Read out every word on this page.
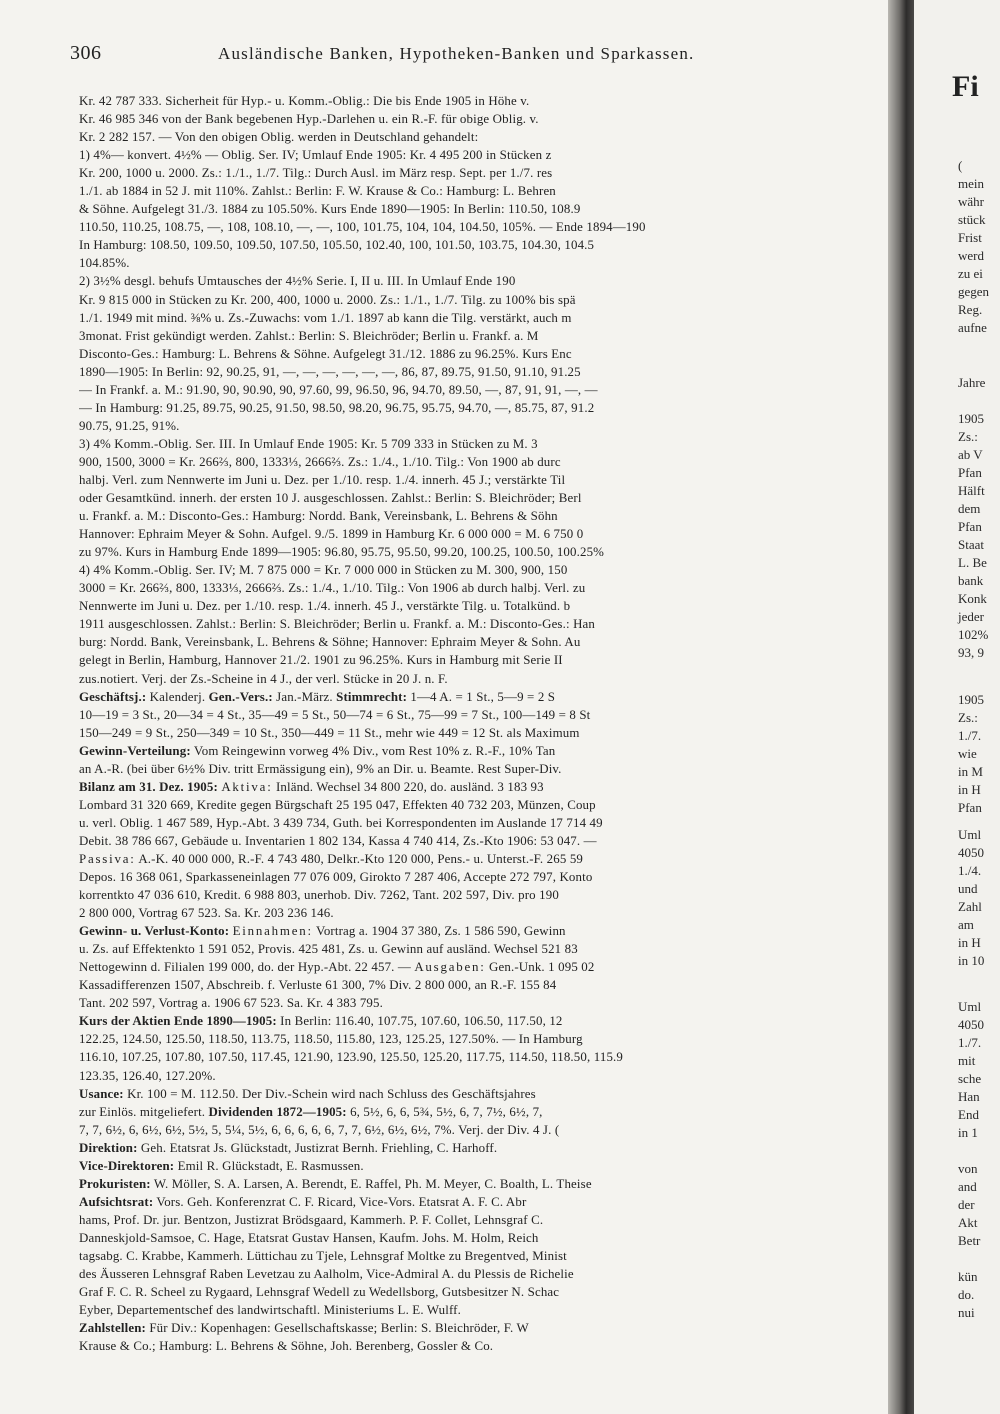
306	Ausländische Banken, Hypotheken-Banken und Sparkassen.
Kr. 42 787 333. Sicherheit für Hyp.- u. Komm.-Oblig.: Die bis Ende 1905 in Höhe v.
Kr. 46 985 346 von der Bank begebenen Hyp.-Darlehen u. ein R.-F. für obige Oblig. v.
Kr. 2 282 157. — Von den obigen Oblig. werden in Deutschland gehandelt:
1) 4%— konvert. 4½% — Oblig. Ser. IV; Umlauf Ende 1905: Kr. 4 495 200 in Stücken z
Kr. 200, 1000 u. 2000. Zs.: 1./1., 1./7. Tilg.: Durch Ausl. im März resp. Sept. per 1./7. res
1./1. ab 1884 in 52 J. mit 110%. Zahlst.: Berlin: F. W. Krause & Co.: Hamburg: L. Behren
& Söhne. Aufgelegt 31./3. 1884 zu 105.50%. Kurs Ende 1890—1905: In Berlin: 110.50, 108.9
110.50, 110.25, 108.75, —, 108, 108.10, —, —, 100, 101.75, 104, 104, 104.50, 105%. — Ende 1894—190
In Hamburg: 108.50, 109.50, 109.50, 107.50, 105.50, 102.40, 100, 101.50, 103.75, 104.30, 104.5
104.85%.
2) 3½% desgl. behufs Umtausches der 4½% Serie. I, II u. III. In Umlauf Ende 190
Kr. 9 815 000 in Stücken zu Kr. 200, 400, 1000 u. 2000. Zs.: 1./1., 1./7. Tilg. zu 100% bis spä
1./1. 1949 mit mind. ⅜% u. Zs.-Zuwachs: vom 1./1. 1897 ab kann die Tilg. verstärkt, auch m
3monat. Frist gekündigt werden. Zahlst.: Berlin: S. Bleichröder; Berlin u. Frankf. a. M
Disconto-Ges.: Hamburg: L. Behrens & Söhne. Aufgelegt 31./12. 1886 zu 96.25%. Kurs Enc
1890—1905: In Berlin: 92, 90.25, 91, —, —, —, —, —, —, 86, 87, 89.75, 91.50, 91.10, 91.25
— In Frankf. a. M.: 91.90, 90, 90.90, 90, 97.60, 99, 96.50, 96, 94.70, 89.50, —, 87, 91, 91, —, —
— In Hamburg: 91.25, 89.75, 90.25, 91.50, 98.50, 98.20, 96.75, 95.75, 94.70, —, 85.75, 87, 91.2
90.75, 91.25, 91%.
3) 4% Komm.-Oblig. Ser. III. In Umlauf Ende 1905: Kr. 5 709 333 in Stücken zu M. 3
900, 1500, 3000 = Kr. 266⅔, 800, 1333⅓, 2666⅔. Zs.: 1./4., 1./10. Tilg.: Von 1900 ab durc
halbj. Verl. zum Nennwerte im Juni u. Dez. per 1./10. resp. 1./4. innerh. 45 J.; verstärkte Til
oder Gesamtkünd. innerh. der ersten 10 J. ausgeschlossen. Zahlst.: Berlin: S. Bleichröder; Berl
u. Frankf. a. M.: Disconto-Ges.: Hamburg: Nordd. Bank, Vereinsbank, L. Behrens & Söhn
Hannover: Ephraim Meyer & Sohn. Aufgel. 9./5. 1899 in Hamburg Kr. 6 000 000 = M. 6 750 0
zu 97%. Kurs in Hamburg Ende 1899—1905: 96.80, 95.75, 95.50, 99.20, 100.25, 100.50, 100.25%
4) 4% Komm.-Oblig. Ser. IV; M. 7 875 000 = Kr. 7 000 000 in Stücken zu M. 300, 900, 150
3000 = Kr. 266⅔, 800, 1333⅓, 2666⅔. Zs.: 1./4., 1./10. Tilg.: Von 1906 ab durch halbj. Verl. zu
Nennwerte im Juni u. Dez. per 1./10. resp. 1./4. innerh. 45 J., verstärkte Tilg. u. Totalkünd. b
1911 ausgeschlossen. Zahlst.: Berlin: S. Bleichröder; Berlin u. Frankf. a. M.: Disconto-Ges.: Han
burg: Nordd. Bank, Vereinsbank, L. Behrens & Söhne; Hannover: Ephraim Meyer & Sohn. Au
gelegt in Berlin, Hamburg, Hannover 21./2. 1901 zu 96.25%. Kurs in Hamburg mit Serie II
zus.notiert. Verj. der Zs.-Scheine in 4 J., der verl. Stücke in 20 J. n. F.
Geschäftsj.: Kalenderj. Gen.-Vers.: Jan.-März. Stimmrecht: 1—4 A. = 1 St., 5—9 = 2 S
10—19 = 3 St., 20—34 = 4 St., 35—49 = 5 St., 50—74 = 6 St., 75—99 = 7 St., 100—149 = 8 St
150—249 = 9 St., 250—349 = 10 St., 350—449 = 11 St., mehr wie 449 = 12 St. als Maximum
Gewinn-Verteilung: Vom Reingewinn vorweg 4% Div., vom Rest 10% z. R.-F., 10% Tan
an A.-R. (bei über 6½% Div. tritt Ermässigung ein), 9% an Dir. u. Beamte. Rest Super-Div.
Bilanz am 31. Dez. 1905: Aktiva: Inländ. Wechsel 34 800 220, do. ausländ. 3 183 93
Lombard 31 320 669, Kredite gegen Bürgschaft 25 195 047, Effekten 40 732 203, Münzen, Coup
u. verl. Oblig. 1 467 589, Hyp.-Abt. 3 439 734, Guth. bei Korrespondenten im Auslande 17 714 49
Debit. 38 786 667, Gebäude u. Inventarien 1 802 134, Kassa 4 740 414, Zs.-Kto 1906: 53 047. —
Passiva: A.-K. 40 000 000, R.-F. 4 743 480, Delkr.-Kto 120 000, Pens.- u. Unterst.-F. 265 59
Depos. 16 368 061, Sparkasseneinlagen 77 076 009, Girokto 7 287 406, Accepte 272 797, Konto
korrentkto 47 036 610, Kredit. 6 988 803, unerhob. Div. 7262, Tant. 202 597, Div. pro 190
2 800 000, Vortrag 67 523. Sa. Kr. 203 236 146.
Gewinn- u. Verlust-Konto: Einnahmen: Vortrag a. 1904 37 380, Zs. 1 586 590, Gewinn
u. Zs. auf Effektenkto 1 591 052, Provis. 425 481, Zs. u. Gewinn auf ausländ. Wechsel 521 83
Nettogewinn d. Filialen 199 000, do. der Hyp.-Abt. 22 457. — Ausgaben: Gen.-Unk. 1 095 02
Kassadifferenzen 1507, Abschreib. f. Verluste 61 300, 7% Div. 2 800 000, an R.-F. 155 84
Tant. 202 597, Vortrag a. 1906 67 523. Sa. Kr. 4 383 795.
Kurs der Aktien Ende 1890—1905: In Berlin: 116.40, 107.75, 107.60, 106.50, 117.50, 12
122.25, 124.50, 125.50, 118.50, 113.75, 118.50, 115.80, 123, 125.25, 127.50%. — In Hamburg
116.10, 107.25, 107.80, 107.50, 117.45, 121.90, 123.90, 125.50, 125.20, 117.75, 114.50, 118.50, 115.9
123.35, 126.40, 127.20%.
Usance: Kr. 100 = M. 112.50. Der Div.-Schein wird nach Schluss des Geschäftsjahres
zur Einlös. mitgeliefert. Dividenden 1872—1905: 6, 5½, 6, 6, 5¾, 5½, 6, 7, 7½, 6½, 7,
7, 7, 6½, 6, 6½, 6½, 5½, 5, 5¼, 5½, 6, 6, 6, 6, 6, 7, 7, 6½, 6½, 6½, 7%. Verj. der Div. 4 J. (
Direktion: Geh. Etatsrat Js. Glückstadt, Justizrat Bernh. Friehling, C. Harhoff.
Vice-Direktoren: Emil R. Glückstadt, E. Rasmussen.
Prokuristen: W. Möller, S. A. Larsen, A. Berendt, E. Raffel, Ph. M. Meyer, C. Boalth, L. Theise
Aufsichtsrat: Vors. Geh. Konferenzrat C. F. Ricard, Vice-Vors. Etatsrat A. F. C. Abr
hams, Prof. Dr. jur. Bentzon, Justizrat Brödsgaard, Kammerh. P. F. Collet, Lehnsgraf C.
Danneskjold-Samsoe, C. Hage, Etatsrat Gustav Hansen, Kaufm. Johs. M. Holm, Reich
tagsabg. C. Krabbe, Kammerh. Lüttichau zu Tjele, Lehnsgraf Moltke zu Bregentved, Minist
des Äusseren Lehnsgraf Raben Levetzau zu Aalholm, Vice-Admiral A. du Plessis de Richelie
Graf F. C. R. Scheel zu Rygaard, Lehnsgraf Wedell zu Wedellsborg, Gutsbesitzer N. Schac
Eyber, Departementschef des landwirtschaftl. Ministeriums L. E. Wulff.
Zahlstellen: Für Div.: Kopenhagen: Gesellschaftskasse; Berlin: S. Bleichröder, F. W
Krause & Co.; Hamburg: L. Behrens & Söhne, Joh. Berenberg, Gossler & Co.
Fi
(
mein
währ
stück
Frist
werd
zu ei
gegen
Reg.
aufne
Jahre
1905
Zs.:
ab V
Pfan
Hälft
dem
Pfan
Staat
L. Be
bank
Konk
jeder
102%
93, 9
1905
Zs.:
1./7.
wie
in M
in H
Pfan
Uml
4050
1./4.
und
Zahl
am
in H
in 10
Uml
4050
1./7.
mit
sche
Han
End
in 1
von
and
der
Akt
Betr
kün
do.
nui
